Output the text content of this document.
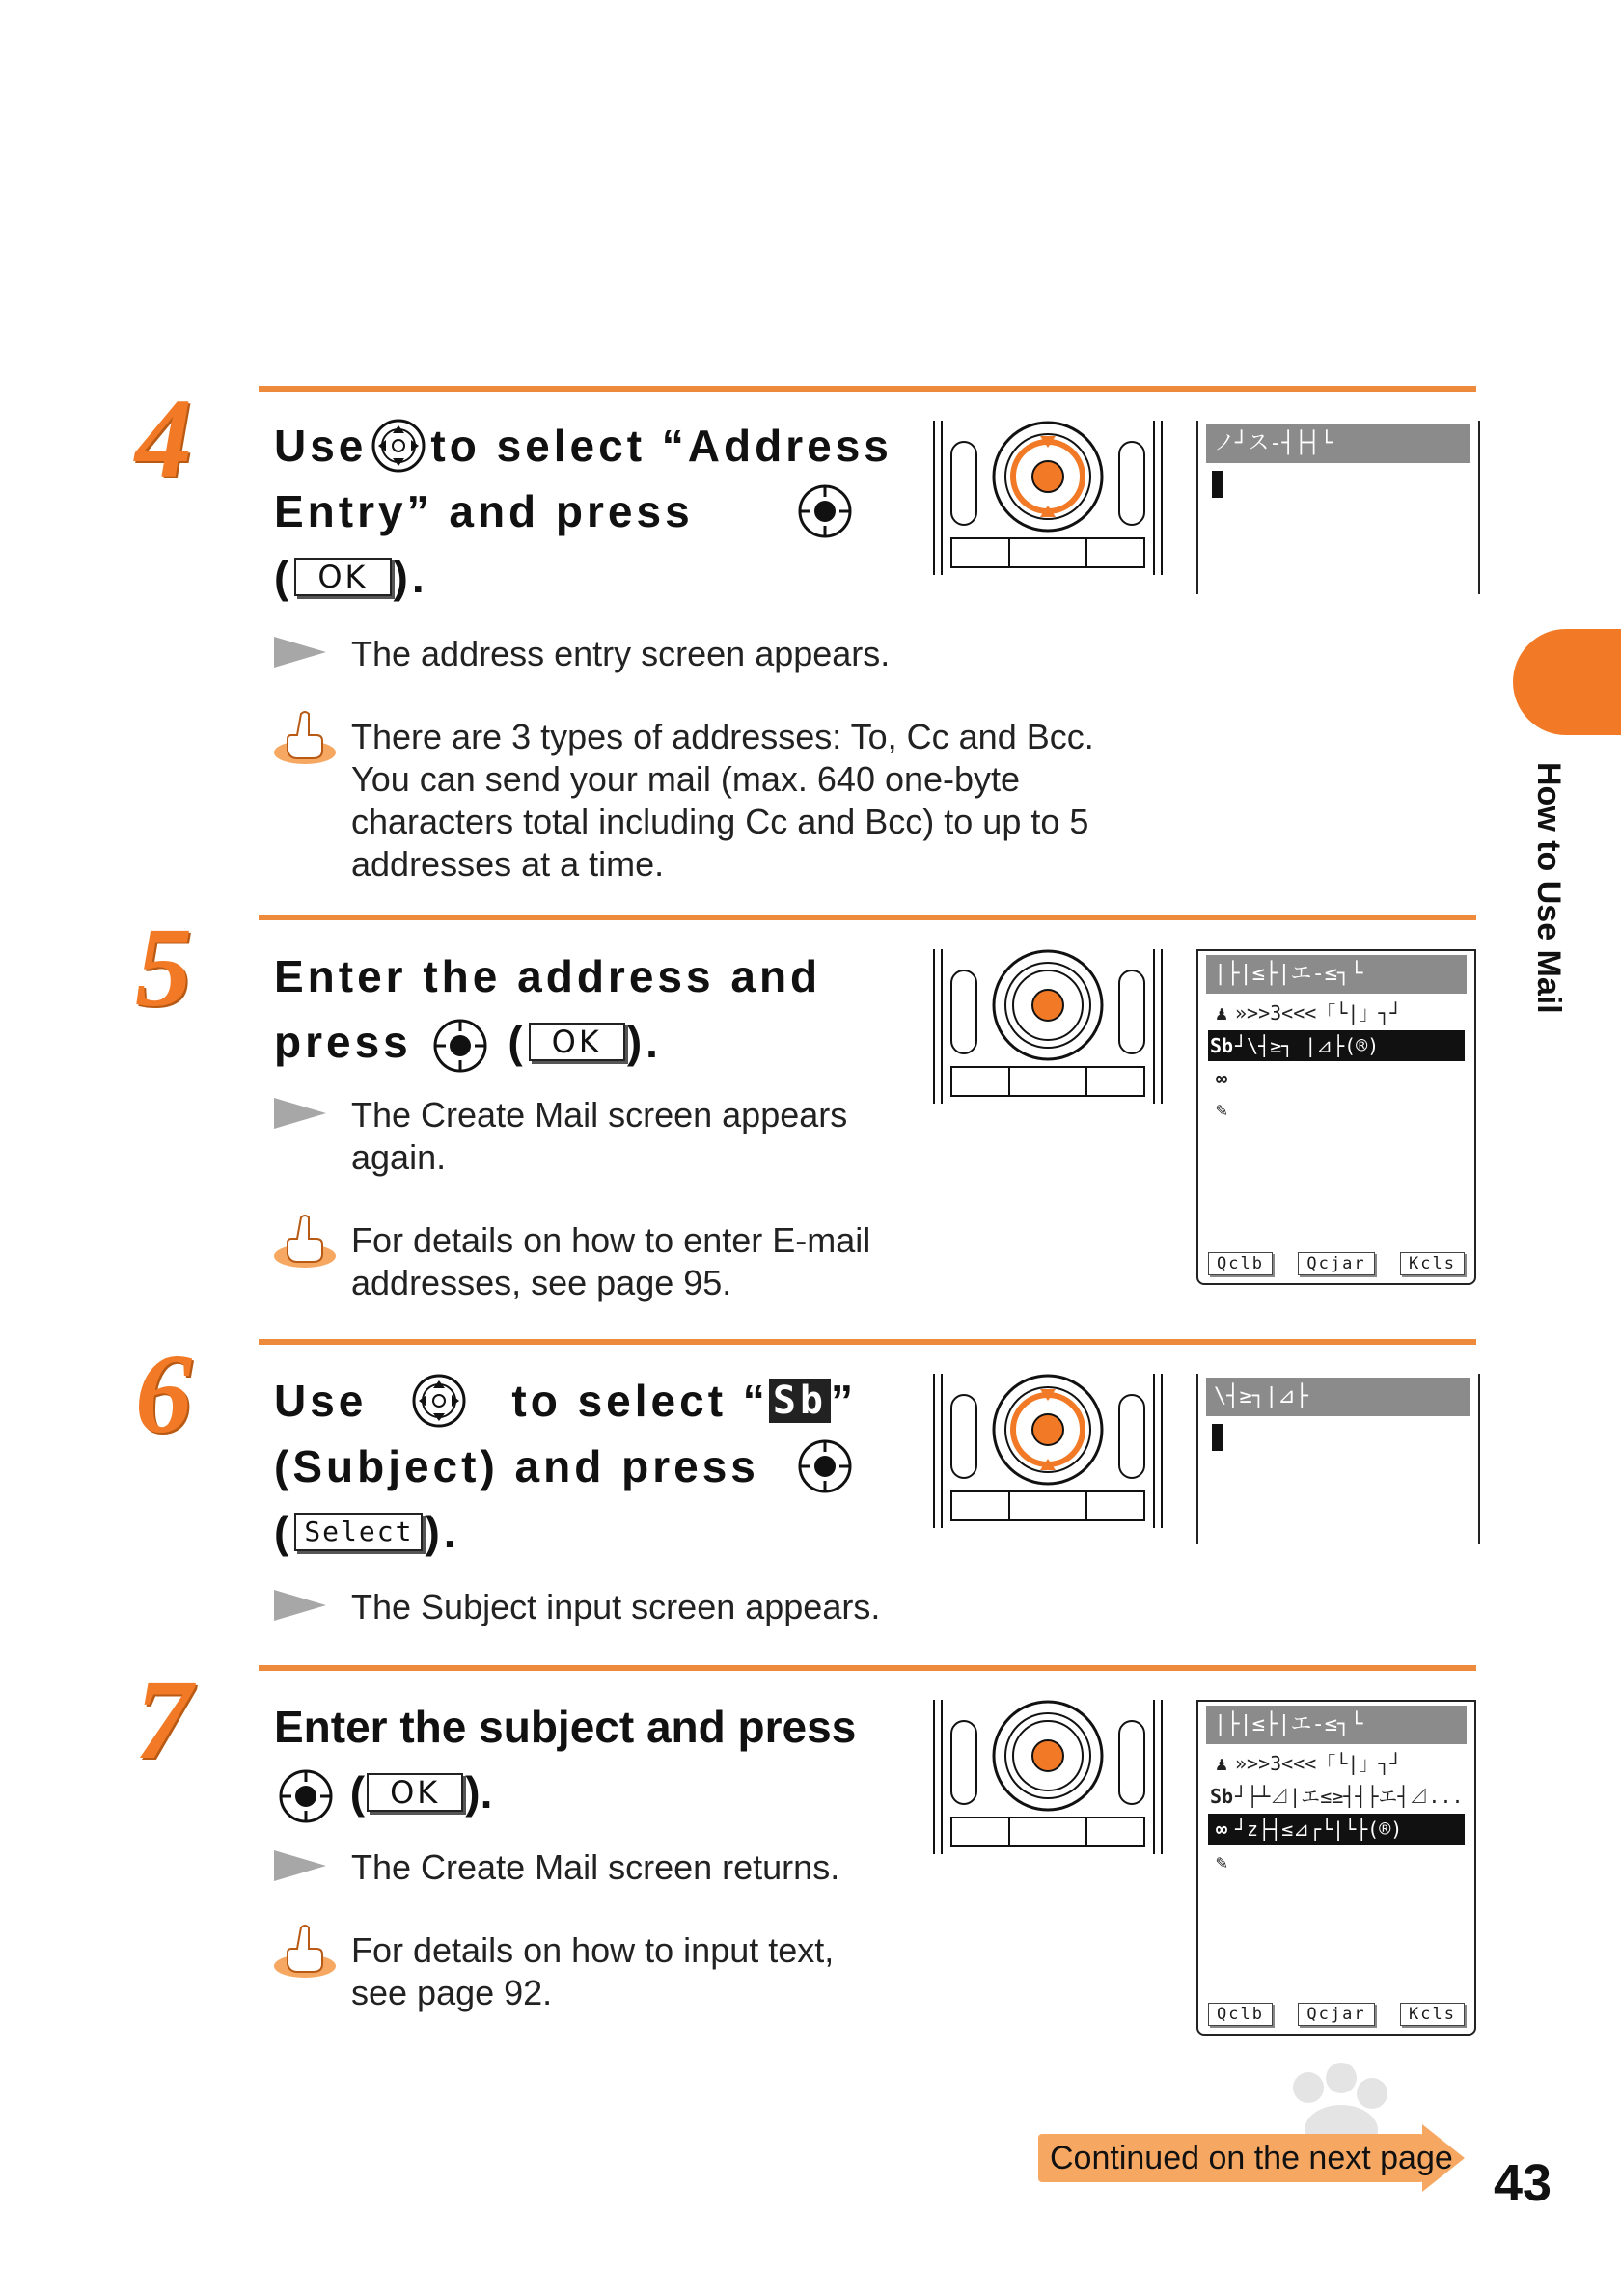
4 Use to select “Address
Entry” and press
( OK ).
The address entry screen appears.
There are 3 types of addresses: To, Cc and Bcc.
You can send your mail (max. 640 one-byte
characters total including Cc and Bcc) to up to 5
addresses at a time.
ノ┘ス-┤├┤└
5 Enter the address and
press ( OK ).
The Create Mail screen appears
again.
For details on how to enter E-mail
addresses, see page 95.
|├|≤├|エ-≤┐└
♟ »>>3<<<「└|」┐┘
Sb┘\┤≥┐ |⊿├(®)
∞
✎
Qclb	Qcjar	Kcls
6 Use	to select “ Sb”
(Subject) and press
( Select ).
The Subject input screen appears.
\┤≥┐|⊿├
7 Enter the subject and press
( OK ).
The Create Mail screen returns.
For details on how to input text,
see page 92.
|├|≤├|エ-≤┐└
♟ »>>3<<<「└|」┐┘
Sb┘├┴⊿|エ≤≥┤┤├エ┤⊿...
∞ ┘z├┤≤⊿┌└|└├(®)
✎
Qclb	Qcjar	Kcls
How to Use Mail
Continued on the next page 43
